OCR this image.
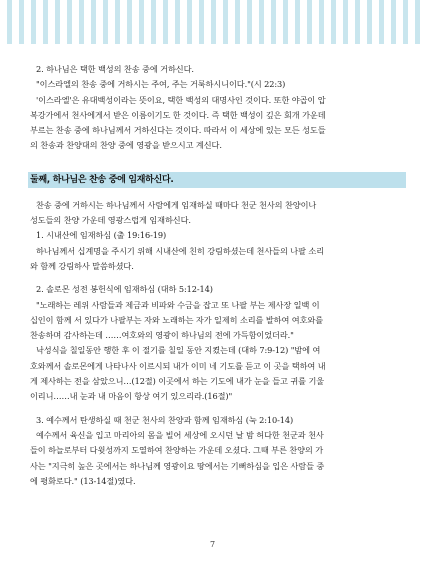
2. 하나님은 택한 백성의 찬송 중에 거하신다.

"이스라엘의 찬송 중에 거하시는 주여, 주는 거룩하시니이다."(시 22:3)

'이스라엘'은 유대백성이라는 뜻이요, 택한 백성의 대명사인 것이다. 또한 야곱이 압

복강가에서 천사에게서 받은 이름이기도 한 것이다. 즉 택한 백성이 깊은 회개 가운데

부르는 찬송 중에 하나님께서 거하신다는 것이다. 따라서 이 세상에 있는 모든 성도들

의 찬송과 찬양대의 찬양 중에 영광을 받으시고 계신다.

둘째, 하나님은 찬송 중에 임재하신다.

찬송 중에 거하시는 하나님께서 사람에게 임재하실 때마다 천군 천사의 찬양이나

성도들의 찬양 가운데 영광스럽게 임재하신다.

1. 시내산에 임재하심 (출 19:16-19)

하나님께서 십계명을 주시기 위해 시내산에 친히 강림하셨는데 천사들의 나팔 소리

와 함께 강림하사 말씀하셨다.

2. 솔로몬 성전 봉헌식에 임재하심 (대하 5:12-14)

"노래하는 레위 사람들과 제금과 비파와 수금을 잡고 또 나팔 부는 제사장 일백 이

십인이 함께 서 있다가 나팔부는 자와 노래하는 자가 일제히 소리를 발하여 여호와를

찬송하며 감사하는데 ……여호와의 영광이 하나님의 전에 가득함이었더라."

낙성식을 칠일동안 행한 후 이 절기를 칠일 동안 지켰는데 (대하 7:9-12) "밤에 여

호와께서 솔로몬에게 나타나사 이르시되 내가 이미 네 기도를 듣고 이 곳을 택하여 내

게 제사하는 전을 삼았으니…(12절) 이곳에서 하는 기도에 내가 눈을 들고 귀를 기울

이리니……내 눈과 내 마음이 항상 여기 있으리라.(16절)"

3. 예수께서 탄생하실 때 천군 천사의 찬양과 함께 임재하심 (눅 2:10-14)

예수께서 육신을 입고 마리아의 몸을 빌어 세상에 오시던 날 밤 허다한 천군과 천사

들이 하늘로부터 다윗성까지 도열하여 찬양하는 가운데 오셨다. 그때 부른 찬양의 가

사는 "지극히 높은 곳에서는 하나님께 영광이요 땅에서는 기뻐하심을 입은 사람들 중

에 평화로다." (13-14절)였다.

7
